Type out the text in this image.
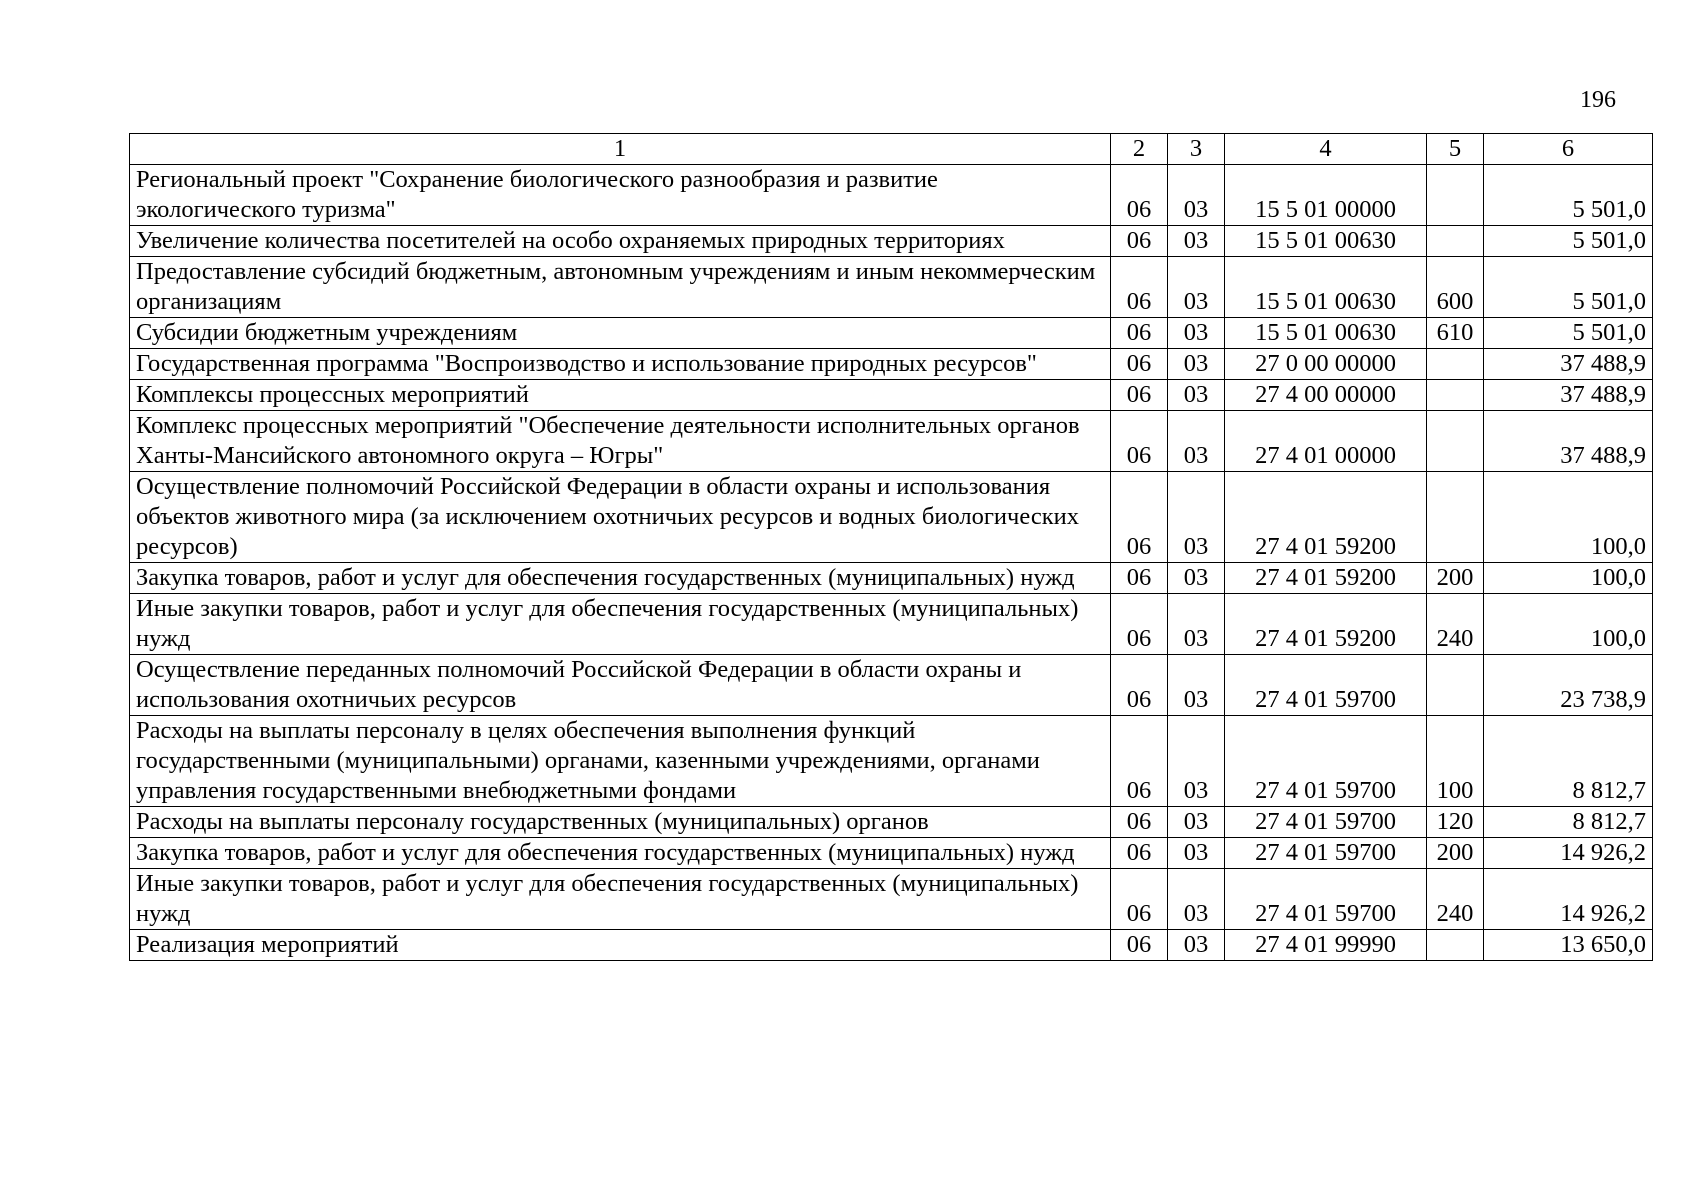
196
1	2	3	4	5	6
Региональный проект "Сохранение биологического разнообразия и развитие экологического туризма"	06	03	15 5 01 00000		5 501,0
Увеличение количества посетителей на особо охраняемых природных территориях	06	03	15 5 01 00630		5 501,0
Предоставление субсидий бюджетным, автономным учреждениям и иным некоммерческим организациям	06	03	15 5 01 00630	600	5 501,0
Субсидии бюджетным учреждениям	06	03	15 5 01 00630	610	5 501,0
Государственная программа "Воспроизводство и использование природных ресурсов"	06	03	27 0 00 00000		37 488,9
Комплексы процессных мероприятий	06	03	27 4 00 00000		37 488,9
Комплекс процессных мероприятий "Обеспечение деятельности исполнительных органов Ханты-Мансийского автономного округа – Югры"	06	03	27 4 01 00000		37 488,9
Осуществление полномочий Российской Федерации в области охраны и использования объектов животного мира (за исключением охотничьих ресурсов и водных биологических ресурсов)	06	03	27 4 01 59200		100,0
Закупка товаров, работ и услуг для обеспечения государственных (муниципальных) нужд	06	03	27 4 01 59200	200	100,0
Иные закупки товаров, работ и услуг для обеспечения государственных (муниципальных) нужд	06	03	27 4 01 59200	240	100,0
Осуществление переданных полномочий Российской Федерации в области охраны и использования охотничьих ресурсов	06	03	27 4 01 59700		23 738,9
Расходы на выплаты персоналу в целях обеспечения выполнения функций государственными (муниципальными) органами, казенными учреждениями, органами управления государственными внебюджетными фондами	06	03	27 4 01 59700	100	8 812,7
Расходы на выплаты персоналу государственных (муниципальных) органов	06	03	27 4 01 59700	120	8 812,7
Закупка товаров, работ и услуг для обеспечения государственных (муниципальных) нужд	06	03	27 4 01 59700	200	14 926,2
Иные закупки товаров, работ и услуг для обеспечения государственных (муниципальных) нужд	06	03	27 4 01 59700	240	14 926,2
Реализация мероприятий	06	03	27 4 01 99990		13 650,0
